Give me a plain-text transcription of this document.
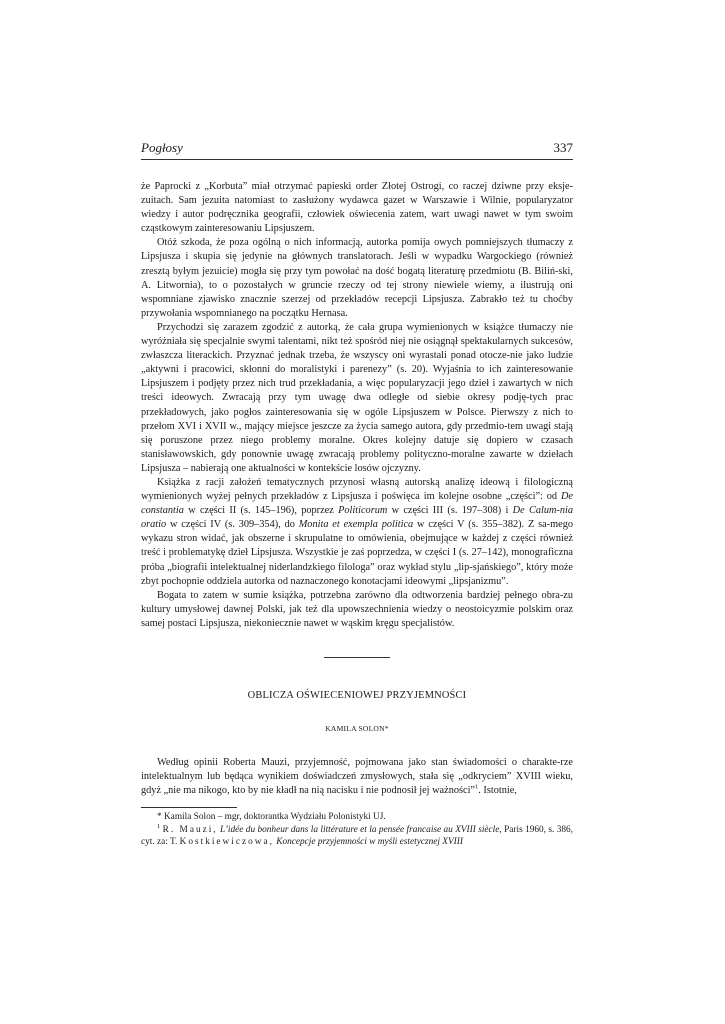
Pogłosy	337

że Paprocki z „Korbuta” miał otrzymać papieski order Złotej Ostrogi, co raczej dziwne przy eksje-zuitach. Sam jezuita natomiast to zasłużony wydawca gazet w Warszawie i Wilnie, popularyzator wiedzy i autor podręcznika geografii, człowiek oświecenia zatem, wart uwagi nawet w tym swoim cząstkowym zainteresowaniu Lipsjuszem.

Otóż szkoda, że poza ogólną o nich informacją, autorka pomija owych pomniejszych tłumaczy z Lipsjusza i skupia się jedynie na głównych translatorach. Jeśli w wypadku Wargockiego (również zresztą byłym jezuicie) mogła się przy tym powołać na dość bogatą literaturę przedmiotu (B. Biliń-ski, A. Litwornia), to o pozostałych w gruncie rzeczy od tej strony niewiele wiemy, a ilustrują oni wspomniane zjawisko znacznie szerzej od przekładów recepcji Lipsjusza. Zabrakło też tu choćby przywołania wspomnianego na początku Hernasa.

Przychodzi się zarazem zgodzić z autorką, że cała grupa wymienionych w książce tłumaczy nie wyróżniała się specjalnie swymi talentami, nikt też spośród niej nie osiągnął spektakularnych sukcesów, zwłaszcza literackich. Przyznać jednak trzeba, że wszyscy oni wyrastali ponad otocze-nie jako ludzie „aktywni i pracowici, skłonni do moralistyki i parenezy” (s. 20). Wyjaśnia to ich zainteresowanie Lipsjuszem i podjęty przez nich trud przekładania, a więc popularyzacji jego dzieł i zawartych w nich treści ideowych. Zwracają przy tym uwagę dwa odległe od siebie okresy podję-tych prac przekładowych, jako pogłos zainteresowania się w ogóle Lipsjuszem w Polsce. Pierwszy z nich to przełom XVI i XVII w., mający miejsce jeszcze za życia samego autora, gdy przedmio-tem uwagi stają się poruszone przez niego problemy moralne. Okres kolejny datuje się dopiero w czasach stanisławowskich, gdy ponownie uwagę zwracają problemy polityczno-moralne zawarte w dziełach Lipsjusza – nabierają one aktualności w kontekście losów ojczyzny.

Książka z racji założeń tematycznych przynosi własną autorską analizę ideową i filologiczną wymienionych wyżej pełnych przekładów z Lipsjusza i poświęca im kolejne osobne „części”: od De constantia w części II (s. 145–196), poprzez Politicorum w części III (s. 197–308) i De Calum-nia oratio w części IV (s. 309–354), do Monita et exempla politica w części V (s. 355–382). Z sa-mego wykazu stron widać, jak obszerne i skrupulatne to omówienia, obejmujące w każdej z części również treść i problematykę dzieł Lipsjusza. Wszystkie je zaś poprzedza, w części I (s. 27–142), monograficzna próba „biografii intelektualnej niderlandzkiego filologa” oraz wykład stylu „lip-sjańskiego”, który może zbyt pochopnie oddziela autorka od naznaczonego konotacjami ideowymi „lipsjanizmu”.

Bogata to zatem w sumie książka, potrzebna zarówno dla odtworzenia bardziej pełnego obra-zu kultury umysłowej dawnej Polski, jak też dla upowszechnienia wiedzy o neostoicyzmie polskim oraz samej postaci Lipsjusza, niekoniecznie nawet w wąskim kręgu specjalistów.

OBLICZA OŚWIECENIOWEJ PRZYJEMNOŚCI
KAMILA SOLON*
Według opinii Roberta Mauzi, przyjemność, pojmowana jako stan świadomości o charakte-rze intelektualnym lub będąca wynikiem doświadczeń zmysłowych, stała się „odkryciem” XVIII wieku, gdyż „nie ma nikogo, kto by nie kładł na nią nacisku i nie podnosił jej ważności”$^1$. Istotnie,

* Kamila Solon – mgr, doktorantka Wydziału Polonistyki UJ.

$^1$ R. Mauzi, L’idée du bonheur dans la littérature et la pensée francaise au XVIII siècle, Paris 1960, s. 386, cyt. za: T. Kostkiewiczowa, Koncepcje przyjemności w myśli estetycznej XVIII
